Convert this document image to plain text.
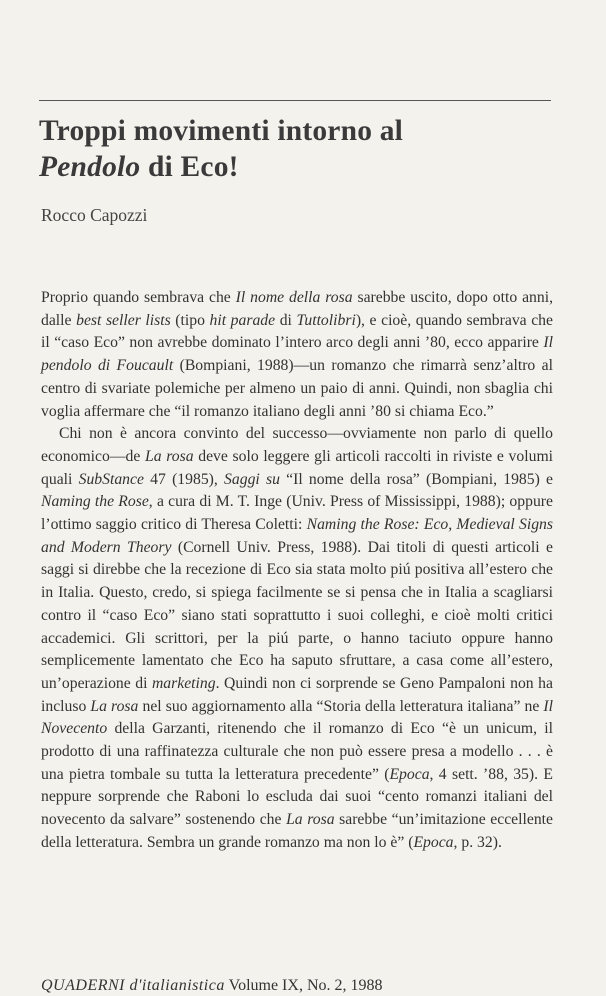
Troppi movimenti intorno al
Pendolo di Eco!
Rocco Capozzi

Proprio quando sembrava che Il nome della rosa sarebbe uscito, dopo otto anni, dalle best seller lists (tipo hit parade di Tuttolibri), e cioè, quando sembrava che il “caso Eco” non avrebbe dominato l’intero arco degli anni ’80, ecco apparire Il pendolo di Foucault (Bompiani, 1988)—un romanzo che rimarrà senz’altro al centro di svariate polemiche per almeno un paio di anni. Quindi, non sbaglia chi voglia affermare che “il romanzo italiano degli anni ’80 si chiama Eco.”

Chi non è ancora convinto del successo—ovviamente non parlo di quello economico—de La rosa deve solo leggere gli articoli raccolti in riviste e volumi quali SubStance 47 (1985), Saggi su “Il nome della rosa” (Bompiani, 1985) e Naming the Rose, a cura di M. T. Inge (Univ. Press of Mississippi, 1988); oppure l’ottimo saggio critico di Theresa Coletti: Naming the Rose: Eco, Medieval Signs and Modern Theory (Cornell Univ. Press, 1988). Dai titoli di questi articoli e saggi si direbbe che la recezione di Eco sia stata molto piú positiva all’estero che in Italia. Questo, credo, si spiega facilmente se si pensa che in Italia a scagliarsi contro il “caso Eco” siano stati soprattutto i suoi colleghi, e cioè molti critici accademici. Gli scrittori, per la piú parte, o hanno taciuto oppure hanno semplicemente lamentato che Eco ha saputo sfruttare, a casa come all’estero, un’operazione di marketing. Quindi non ci sorprende se Geno Pampaloni non ha incluso La rosa nel suo aggiornamento alla “Storia della letteratura italiana” ne Il Novecento della Garzanti, ritenendo che il romanzo di Eco “è un unicum, il prodotto di una raffinatezza culturale che non può essere presa a modello . . . è una pietra tombale su tutta la letteratura precedente” (Epoca, 4 sett. ’88, 35). E neppure sorprende che Raboni lo escluda dai suoi “cento romanzi italiani del novecento da salvare” sostenendo che La rosa sarebbe “un’imitazione eccellente della letteratura. Sembra un grande romanzo ma non lo è” (Epoca, p. 32).

QUADERNI d'italianistica Volume IX, No. 2, 1988
